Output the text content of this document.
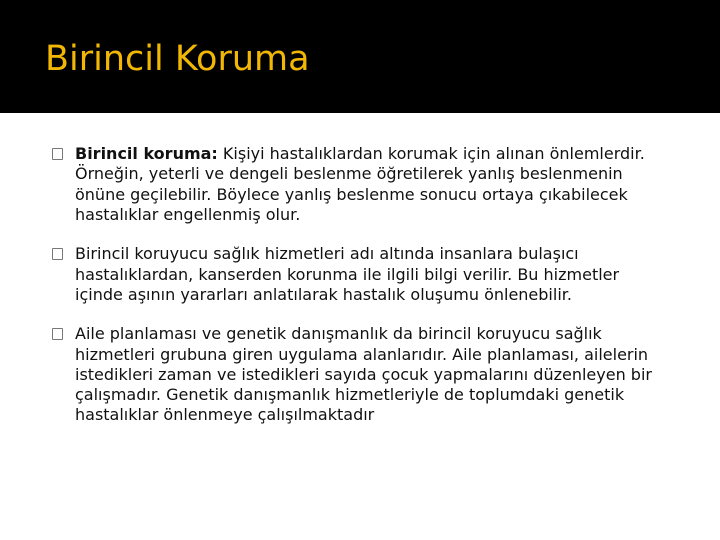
Birincil Koruma
Birincil koruma: Kişiyi hastalıklardan korumak için alınan önlemlerdir. Örneğin, yeterli ve dengeli beslenme öğretilerek yanlış beslenmenin önüne geçilebilir. Böylece yanlış beslenme sonucu ortaya çıkabilecek hastalıklar engellenmiş olur.
Birincil koruyucu sağlık hizmetleri adı altında insanlara bulaşıcı hastalıklardan, kanserden korunma ile ilgili bilgi verilir. Bu hizmetler içinde aşının yararları anlatılarak hastalık oluşumu önlenebilir.
Aile planlaması ve genetik danışmanlık da birincil koruyucu sağlık hizmetleri grubuna giren uygulama alanlarıdır. Aile planlaması, ailelerin istedikleri zaman ve istedikleri sayıda çocuk yapmalarını düzenleyen bir çalışmadır. Genetik danışmanlık hizmetleriyle de toplumdaki genetik hastalıklar önlenmeye çalışılmaktadır
